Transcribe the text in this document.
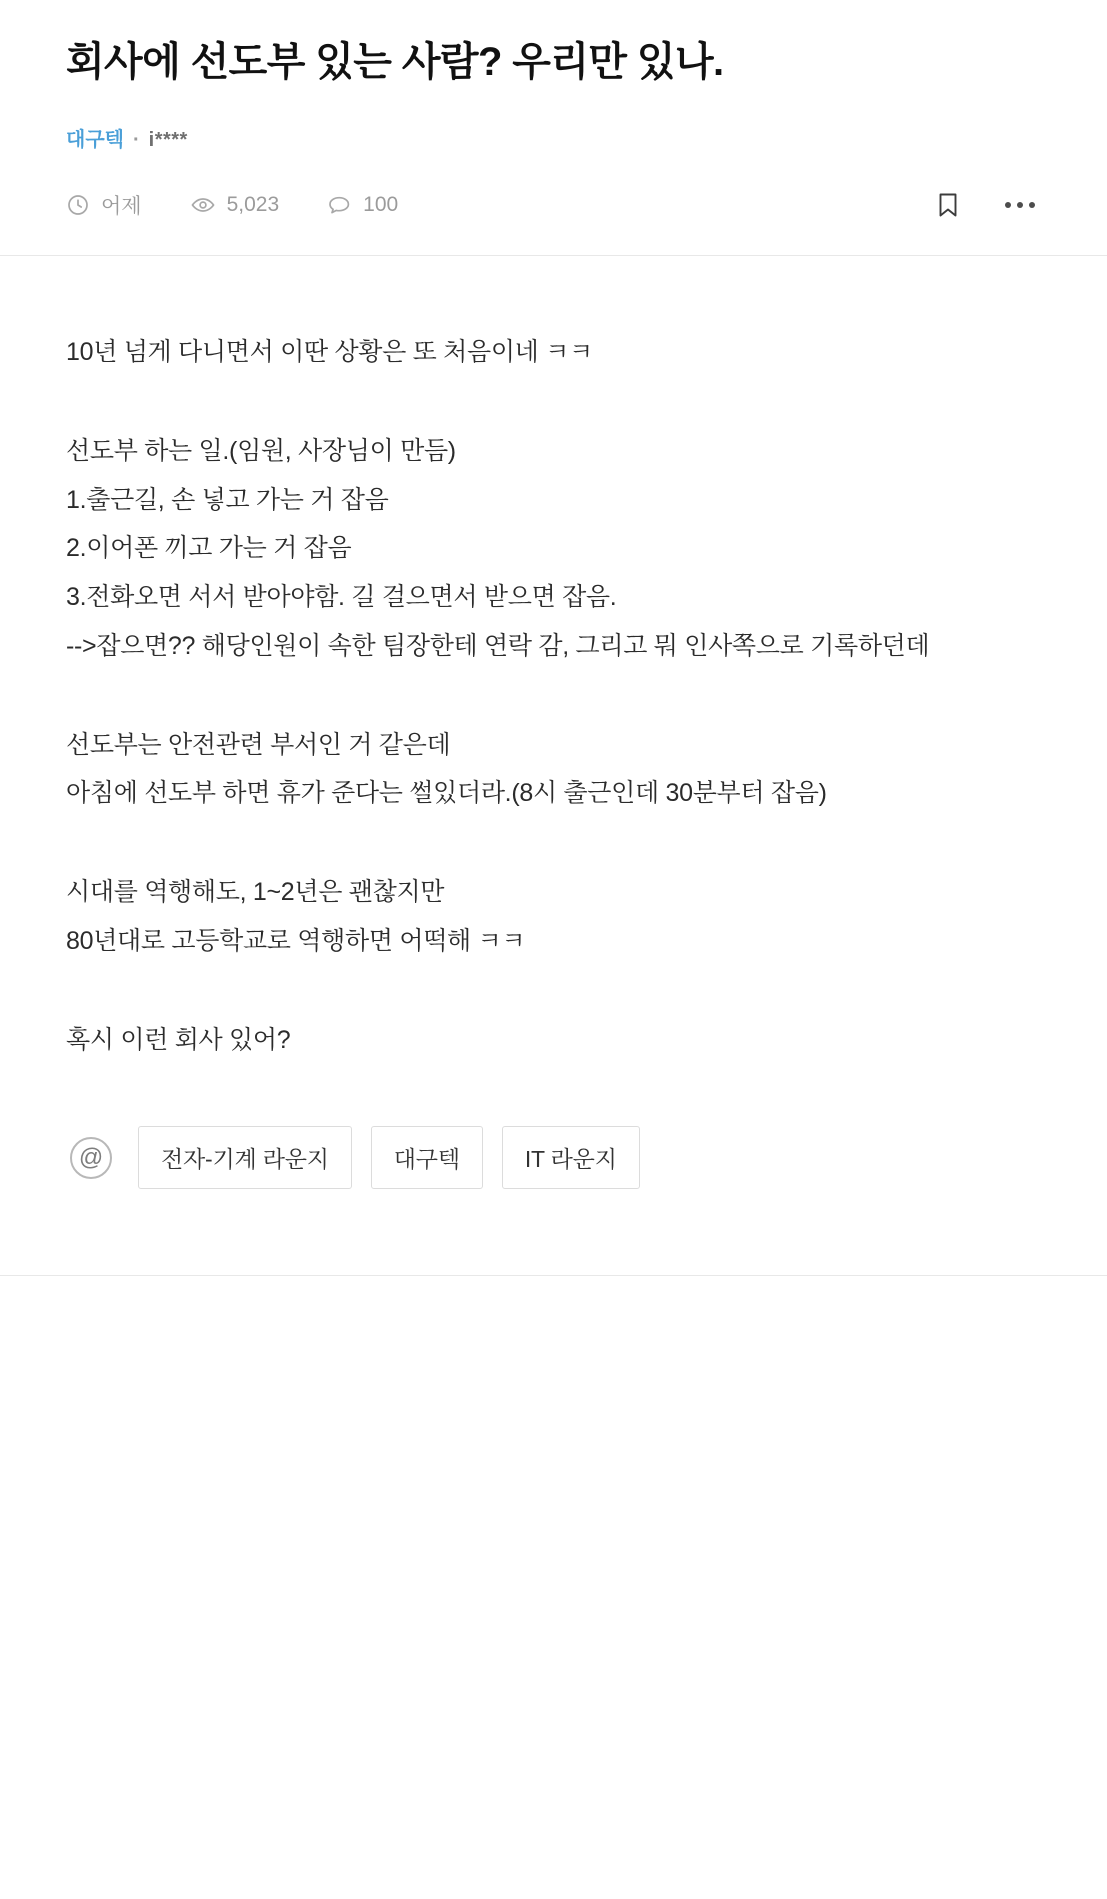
회사에 선도부 있는 사람? 우리만 있나.
대구텍 · i****
어제	5,023	100

10년 넘게 다니면서 이딴 상황은 또 처음이네 ㅋㅋ

선도부 하는 일.(임원, 사장님이 만듬)

1.출근길, 손 넣고 가는 거 잡음

2.이어폰 끼고 가는 거 잡음

3.전화오면 서서 받아야함. 길 걸으면서 받으면 잡음.

-->잡으면?? 해당인원이 속한 팀장한테 연락 감, 그리고 뭐 인사쪽으로 기록하던데

선도부는 안전관련 부서인 거 같은데

아침에 선도부 하면 휴가 준다는 썰있더라.(8시 출근인데 30분부터 잡음)

시대를 역행해도, 1~2년은 괜찮지만

80년대로 고등학교로 역행하면 어떡해 ㅋㅋ

혹시 이런 회사 있어?

@	전자-기계 라운지	대구텍	IT 라운지
